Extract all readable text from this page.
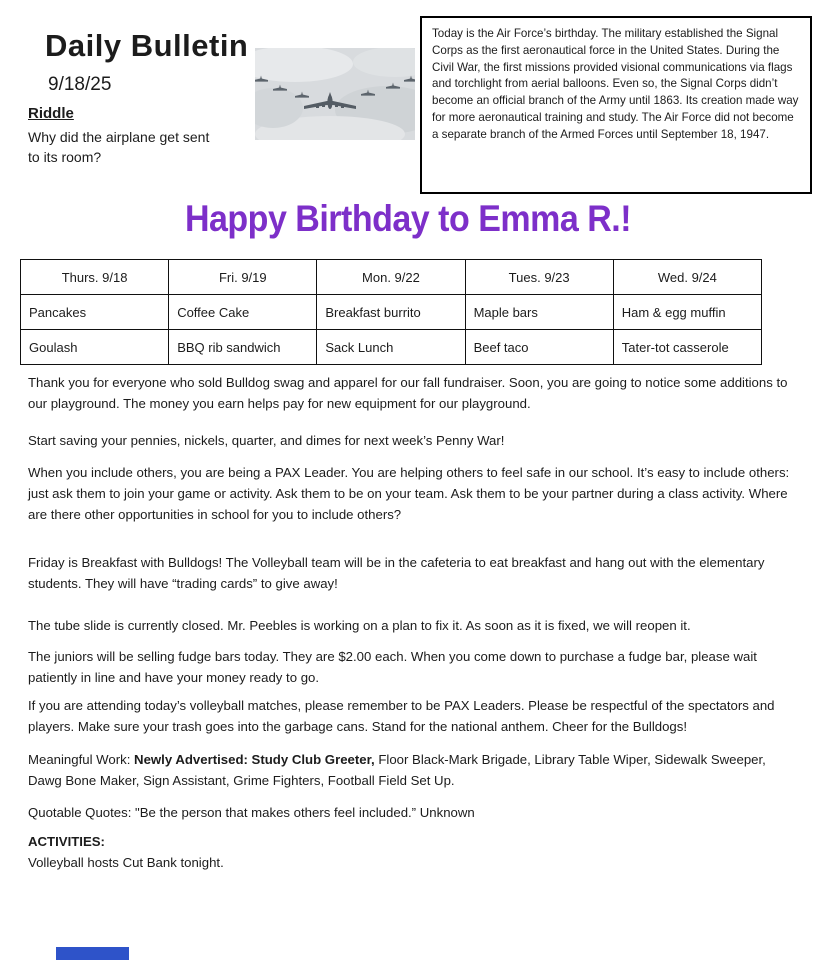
Daily Bulletin
9/18/25
Riddle
Why did the airplane get sent
to its room?
Today is the Air Force’s birthday. The military established the Signal Corps as the first aeronautical force in the United States. During the Civil War, the first missions provided visional communications via flags and torchlight from aerial balloons. Even so, the Signal Corps didn’t become an official branch of the Army until 1863. Its creation made way for more aeronautical training and study. The Air Force did not become a separate branch of the Armed Forces until September 18, 1947.
Happy Birthday to Emma R.!
Thurs. 9/18	Fri. 9/19	Mon. 9/22	Tues. 9/23	Wed. 9/24
Pancakes	Coffee Cake	Breakfast burrito	Maple bars	Ham & egg muffin
Goulash	BBQ rib sandwich	Sack Lunch	Beef taco	Tater-tot casserole

Thank you for everyone who sold Bulldog swag and apparel for our fall fundraiser. Soon, you are going to notice some additions to our playground. The money you earn helps pay for new equipment for our playground.

Start saving your pennies, nickels, quarter, and dimes for next week’s Penny War!

When you include others, you are being a PAX Leader. You are helping others to feel safe in our school. It’s easy to include others: just ask them to join your game or activity. Ask them to be on your team. Ask them to be your partner during a class activity. Where are there other opportunities in school for you to include others?

Friday is Breakfast with Bulldogs! The Volleyball team will be in the cafeteria to eat breakfast and hang out with the elementary students. They will have “trading cards” to give away!

The tube slide is currently closed. Mr. Peebles is working on a plan to fix it. As soon as it is fixed, we will reopen it.

The juniors will be selling fudge bars today. They are $2.00 each. When you come down to purchase a fudge bar, please wait patiently in line and have your money ready to go.

If you are attending today’s volleyball matches, please remember to be PAX Leaders. Please be respectful of the spectators and players. Make sure your trash goes into the garbage cans. Stand for the national anthem. Cheer for the Bulldogs!

Meaningful Work: Newly Advertised: Study Club Greeter, Floor Black-Mark Brigade, Library Table Wiper, Sidewalk Sweeper, Dawg Bone Maker, Sign Assistant, Grime Fighters, Football Field Set Up.

Quotable Quotes: "Be the person that makes others feel included.” Unknown

ACTIVITIES:

Volleyball hosts Cut Bank tonight.
